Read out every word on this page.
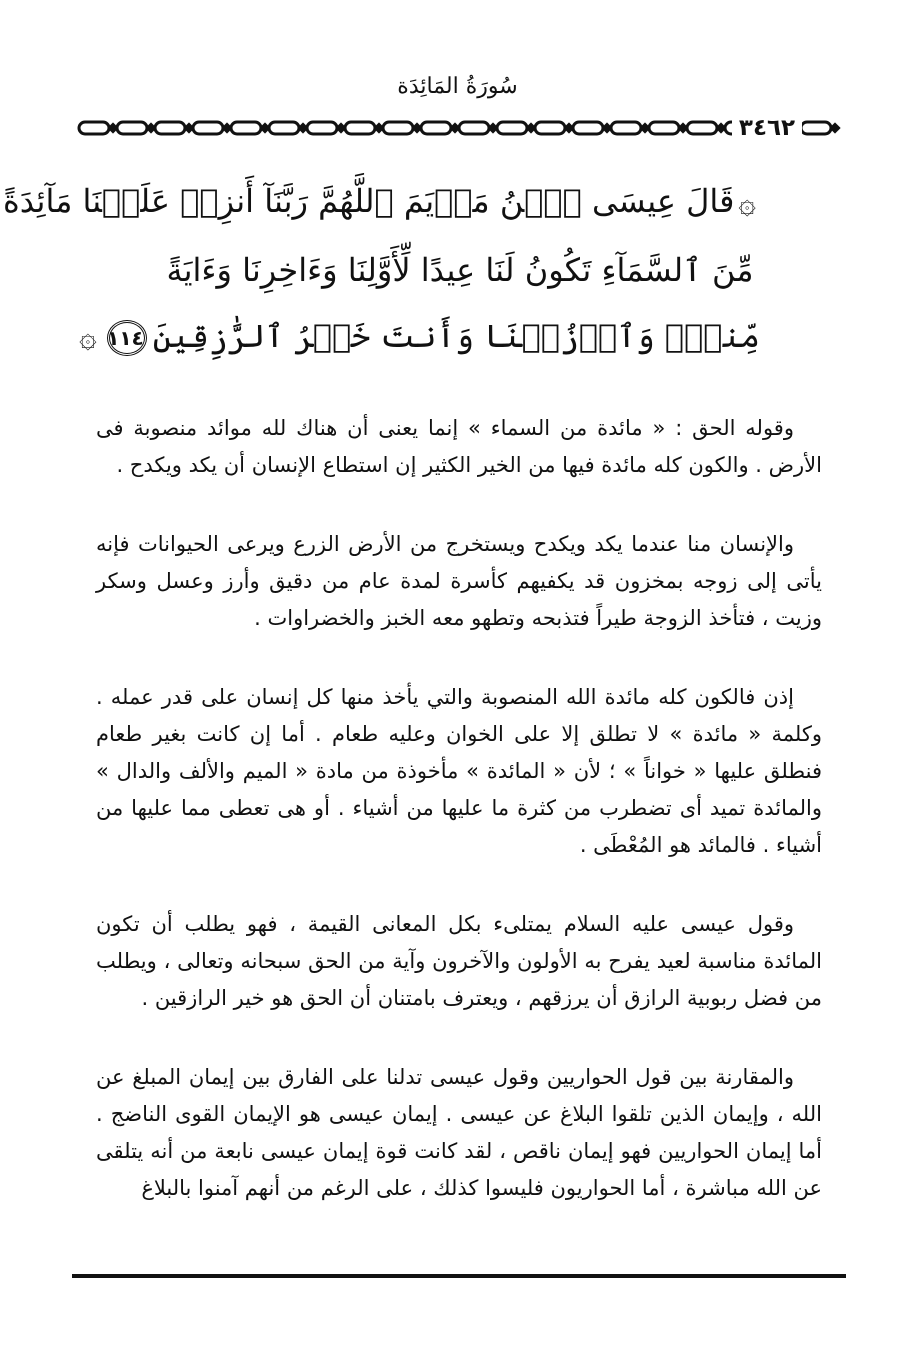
سُورَةُ المَائِدَة
٣٤٦٢
۞قَالَ عِيسَى ٱبۡنُ مَرۡيَمَ ٱللَّهُمَّ رَبَّنَآ أَنزِلۡ عَلَيۡنَا مَآئِدَةً
مِّنَ ٱلسَّمَآءِ تَكُونُ لَنَا عِيدًا لِّأَوَّلِنَا وَءَاخِرِنَا وَءَايَةً
مِّنكَۖ وَٱرۡزُقۡنَا وَأَنتَ خَيۡرُ ٱلرَّٰزِقِينَ١١٤۞

وقوله الحق : « مائدة من السماء » إنما يعنى أن هناك لله موائد منصوبة فى الأرض . والكون كله مائدة فيها من الخير الكثير إن استطاع الإنسان أن يكد ويكدح .

والإنسان منا عندما يكد ويكدح ويستخرج من الأرض الزرع ويرعى الحيوانات فإنه يأتى إلى زوجه بمخزون قد يكفيهم كأسرة لمدة عام من دقيق وأرز وعسل وسكر وزيت ، فتأخذ الزوجة طيراً فتذبحه وتطهو معه الخبز والخضراوات .

إذن فالكون كله مائدة الله المنصوبة والتي يأخذ منها كل إنسان على قدر عمله . وكلمة « مائدة » لا تطلق إلا على الخوان وعليه طعام . أما إن كانت بغير طعام فنطلق عليها « خواناً » ؛ لأن « المائدة » مأخوذة من مادة « الميم والألف والدال » والمائدة تميد أى تضطرب من كثرة ما عليها من أشياء . أو هى تعطى مما عليها من أشياء . فالمائد هو المُعْطَى .

وقول عيسى عليه السلام يمتلىء بكل المعانى القيمة ، فهو يطلب أن تكون المائدة مناسبة لعيد يفرح به الأولون والآخرون وآية من الحق سبحانه وتعالى ، ويطلب من فضل ربوبية الرازق أن يرزقهم ، ويعترف بامتنان أن الحق هو خير الرازقين .

والمقارنة بين قول الحواريين وقول عيسى تدلنا على الفارق بين إيمان المبلغ عن الله ، وإيمان الذين تلقوا البلاغ عن عيسى . إيمان عيسى هو الإيمان القوى الناضج . أما إيمان الحواريين فهو إيمان ناقص ، لقد كانت قوة إيمان عيسى نابعة من أنه يتلقى عن الله مباشرة ، أما الحواريون فليسوا كذلك ، على الرغم من أنهم آمنوا بالبلاغ
